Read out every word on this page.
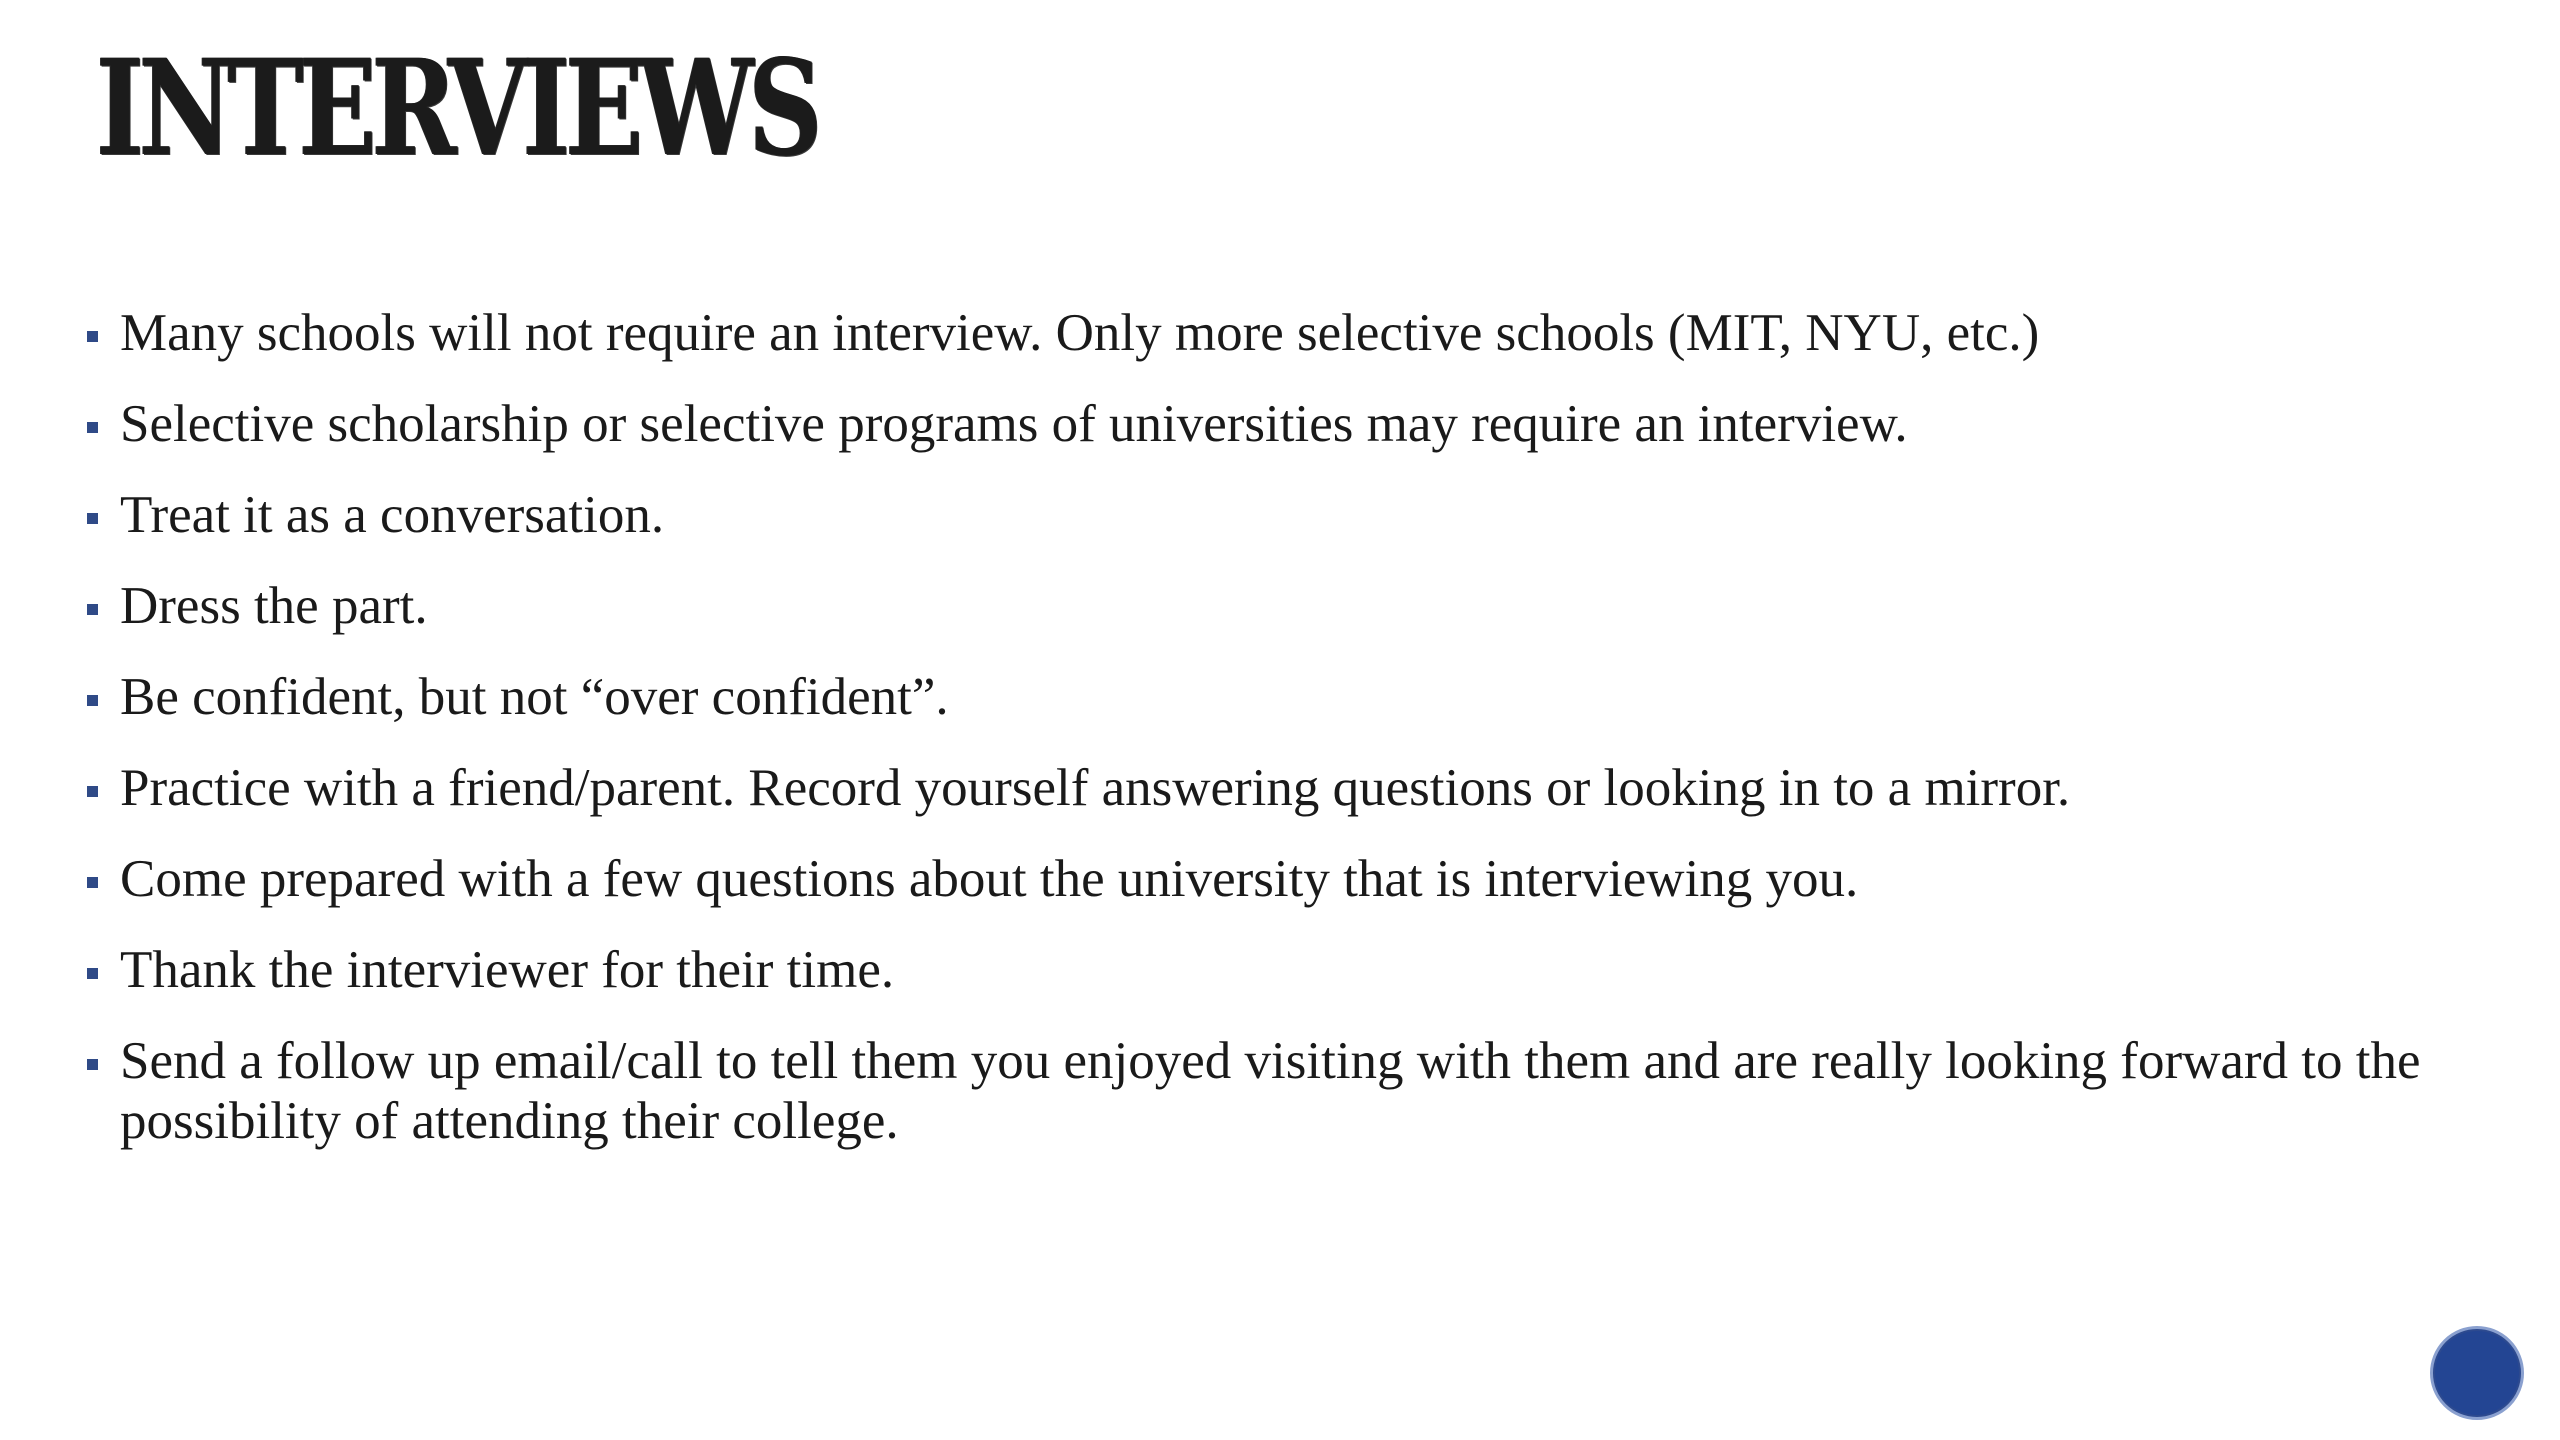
INTERVIEWS
Many schools will not require an interview. Only more selective schools (MIT, NYU, etc.)
Selective scholarship or selective programs of universities may require an interview.
Treat it as a conversation.
Dress the part.
Be confident, but not “over confident”.
Practice with a friend/parent. Record yourself answering questions or looking in to a mirror.
Come prepared with a few questions about the university that is interviewing you.
Thank the interviewer for their time.
Send a follow up email/call to tell them you enjoyed visiting with them and are really looking forward to the possibility of attending their college.
